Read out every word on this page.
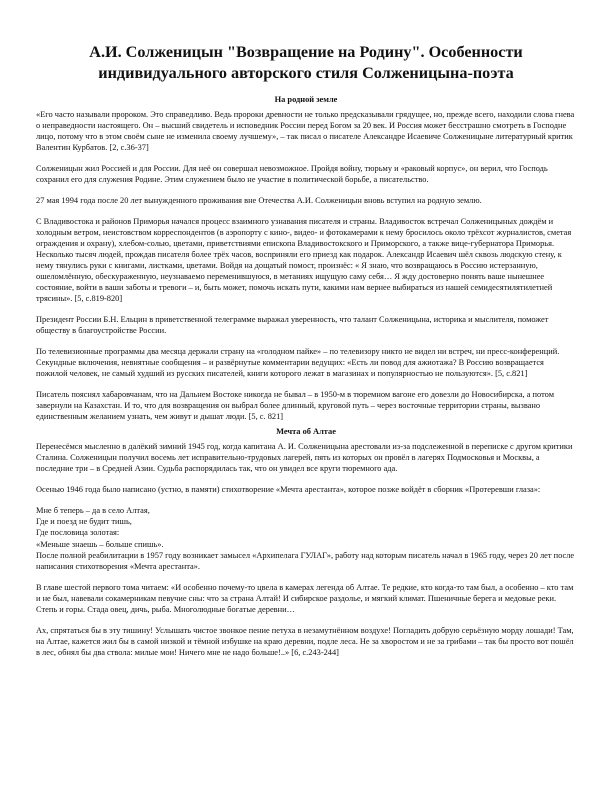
А.И. Солженицын "Возвращение на Родину". Особенности
индивидуального авторского стиля Солженицына-поэта
На родной земле

«Его часто называли пророком. Это справедливо. Ведь пророки древности не только предсказывали грядущее, но, прежде всего, находили слова гнева о неправедности настоящего. Он – высший свидетель и исповедник России перед Богом за 20 век. И Россия может бесстрашно смотреть в Господне лицо, потому что в этом своём сыне не изменила своему лучшему», – так писал о писателе Александре Исаевиче Солженицыне литературный критик Валентин Курбатов. [2, с.36-37]

Солженицын жил Россией и для России. Для неё он совершал невозможное. Пройдя войну, тюрьму и «раковый корпус», он верил, что Господь сохранил его для служения Родине. Этим служением было не участие в политической борьбе, а писательство.

27 мая 1994 года после 20 лет вынужденного проживания вне Отечества А.И. Солженицын вновь вступил на родную землю.

С Владивостока и районов Приморья начался процесс взаимного узнавания писателя и страны. Владивосток встречал Солженицыных дождём и холодным ветром, неистовством корреспондентов (в аэропорту с кино-, видео- и фотокамерами к нему бросилось около трёхсот журналистов, сметая ограждения и охрану), хлебом-солью, цветами, приветствиями епископа Владивостокского и Приморского, а также вице-губернатора Приморья. Несколько тысяч людей, прождав писателя более трёх часов, восприняли его приезд как подарок. Александр Исаевич шёл сквозь людскую стену, к нему тянулись руки с книгами, листками, цветами. Войдя на дощатый помост, произнёс: « Я знаю, что возвращаюсь в Россию истерзанную, ошеломлённую, обескураженную, неузнаваемо переменившуюся, в метаниях ищущую саму себя… Я жду достоверно понять ваше нынешнее состояние, войти в ваши заботы и тревоги – и, быть может, помочь искать пути, какими нам вернее выбираться из нашей семидесятилятилетней трясины». [5, с.819-820]

Президент России Б.Н. Ельцин в приветственной телеграмме выражал уверенность, что талант Солженицына, историка и мыслителя, поможет обществу в благоустройстве России.

По телевизионные программы два месяца держали страну на «голодном пайке» – по телевизору никто не видел ни встреч, ни пресс-конференций. Секундные включения, невнятные сообщения – и развёрнутые комментарии ведущих: «Есть ли повод для ажиотажа? В Россию возвращается пожилой человек, не самый худший из русских писателей, книги которого лежат в магазинах и популярностью не пользуются». [5, с.821]

Писатель пояснял хабаровчанам, что на Дальнем Востоке никогда не бывал – в 1950-м в тюремном вагоне его довезли до Новосибирска, а потом завернули на Казахстан. И то, что для возвращения он выбрал более длинный, круговой путь – через восточные территории страны, вызвано единственным желанием узнать, чем живут и дышат люди. [5, с. 821]

Мечта об Алтае

Перенесёмся мысленно в далёкий зимний 1945 год, когда капитана А. И. Солженицына арестовали из-за подслеженной в переписке с другом критики Сталина. Солженицын получил восемь лет исправительно-трудовых лагерей, пять из которых он провёл в лагерях Подмосковья и Москвы, а последние три – в Средней Азии. Судьба распорядилась так, что он увидел все круги тюремного ада.

Осенью 1946 года было написано (устно, в памяти) стихотворение «Мечта арестанта», которое позже войдёт в сборник «Протеревши глаза»:

Мне б теперь – да в село Алтая,
Где и поезд не будит тишь,
Где пословица золотая:
«Меньше знаешь – больше спишь».
После полной реабилитации в 1957 году возникает замысел «Архипелага ГУЛАГ», работу над которым писатель начал в 1965 году, через 20 лет после написания стихотворения «Мечта арестанта».

В главе шестой первого тома читаем: «И особенно почему-то цвела в камерах легенда об Алтае. Те редкие, кто когда-то там был, а особенно – кто там и не был, навевали сокамерникам певучие сны: что за страна Алтай! И сибирское раздолье, и мягкий климат. Пшеничные берега и медовые реки. Степь и горы. Стада овец, дичь, рыба. Многолюдные богатые деревни…

Ах, спрятаться бы в эту тишину! Услышать чистое звонкое пение петуха в незамутнённом воздухе! Погладить добрую серьёзную морду лошади! Там, на Алтае, кажется жил бы в самой низкой и тёмной избушке на краю деревни, подле леса. Не за хворостом и не за грибами – так бы просто вот пошёл в лес, обнял бы два ствола: милые мои! Ничего мне не надо больше!..» [6, с.243-244]
